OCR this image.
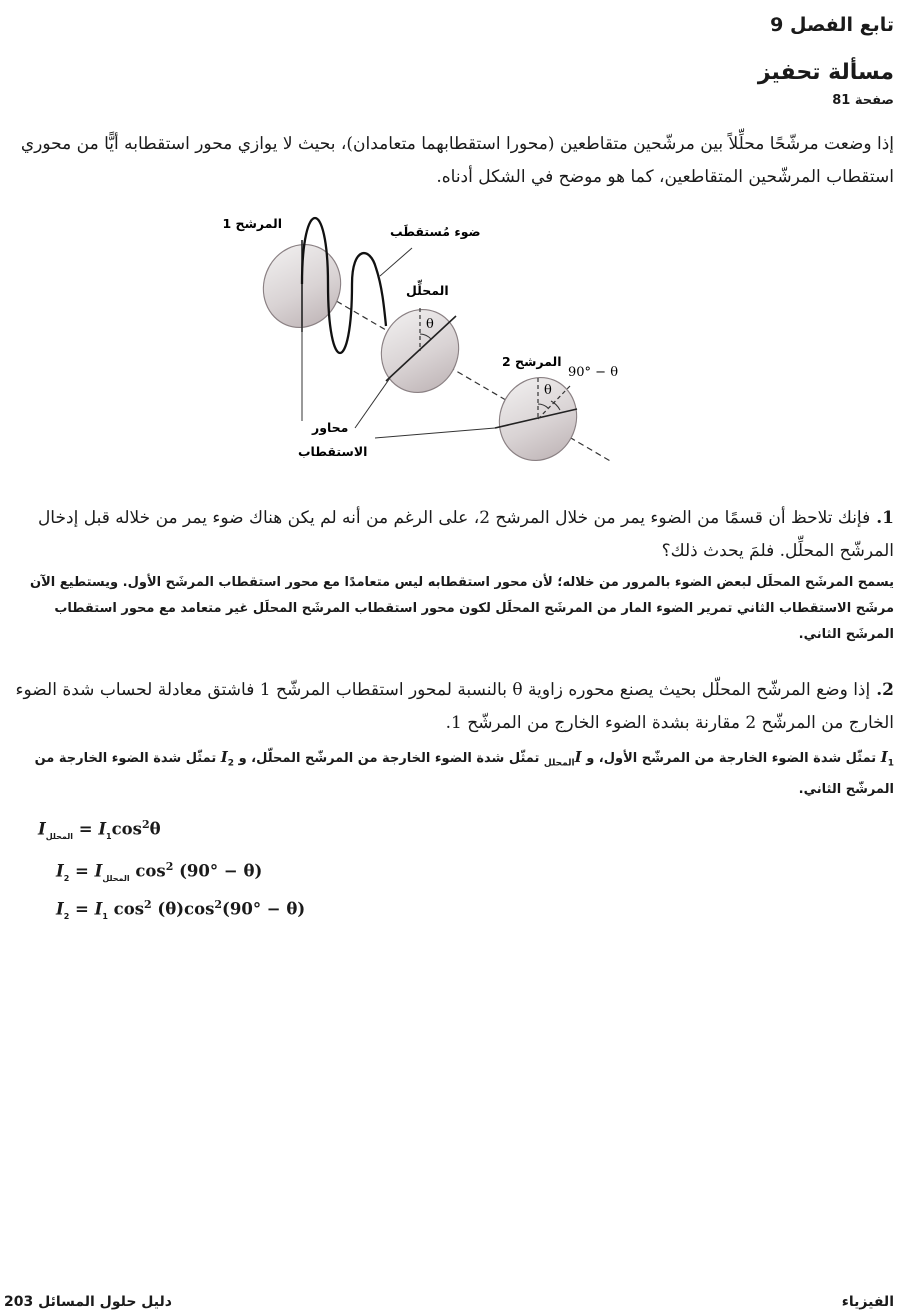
تابع الفصل 9
مسألة تحفيز
صفحة 81

إذا وضعت مرشّحًا محلِّلاً بين مرشّحين متقاطعين (محورا استقطابهما متعامدان)، بحيث لا يوازي محور استقطابه أيًّا من محوري استقطاب المرشّحين المتقاطعين، كما هو موضح في الشكل أدناه.

المرشح 1
ضوء مُستقطَب
المحلِّل
θ
المرشح 2
90° − θ
θ
محاور
الاستقطاب

1.فإنك تلاحظ أن قسمًا من الضوء يمر من خلال المرشح 2، على الرغم من أنه لم يكن هناك ضوء يمر من خلاله قبل إدخال المرشّح المحلِّل. فلمَ يحدث ذلك؟

يسمح المرشَح المحلَل لبعض الضوء بالمرور من خلاله؛ لأن محور استقطابه ليس متعامدًا مع محور استقطاب المرشَح الأول. ويستطيع الآن مرشَح الاستقطاب الثاني تمرير الضوء المار من المرشَح المحلَل لكون محور استقطاب المرشَح المحلَل غير متعامد مع محور استقطاب المرشَح الثاني.

2.إذا وضع المرشّح المحلّل بحيث يصنع محوره زاوية θ بالنسبة لمحور استقطاب المرشّح 1 فاشتق معادلة لحساب شدة الضوء الخارج من المرشّح 2 مقارنة بشدة الضوء الخارج من المرشّح 1.

$I_1$ تمثّل شدة الضوء الخارجة من المرشّح الأول، و $I_{المحلل}$ تمثّل شدة الضوء الخارجة من المرشّح المحلّل، و $I_2$ تمثّل شدة الضوء الخارجة من المرشّح الثاني.

$I_{المحلل} = I_1\cos^2\theta$
$I_2 = I_{المحلل}$ $\cos^2 (90^\circ - \theta)$
$I_2 = I_1$ $\cos^2 (\theta)\cos^2(90^\circ - \theta)$
الفيزياء
دليل حلول المسائل 203
